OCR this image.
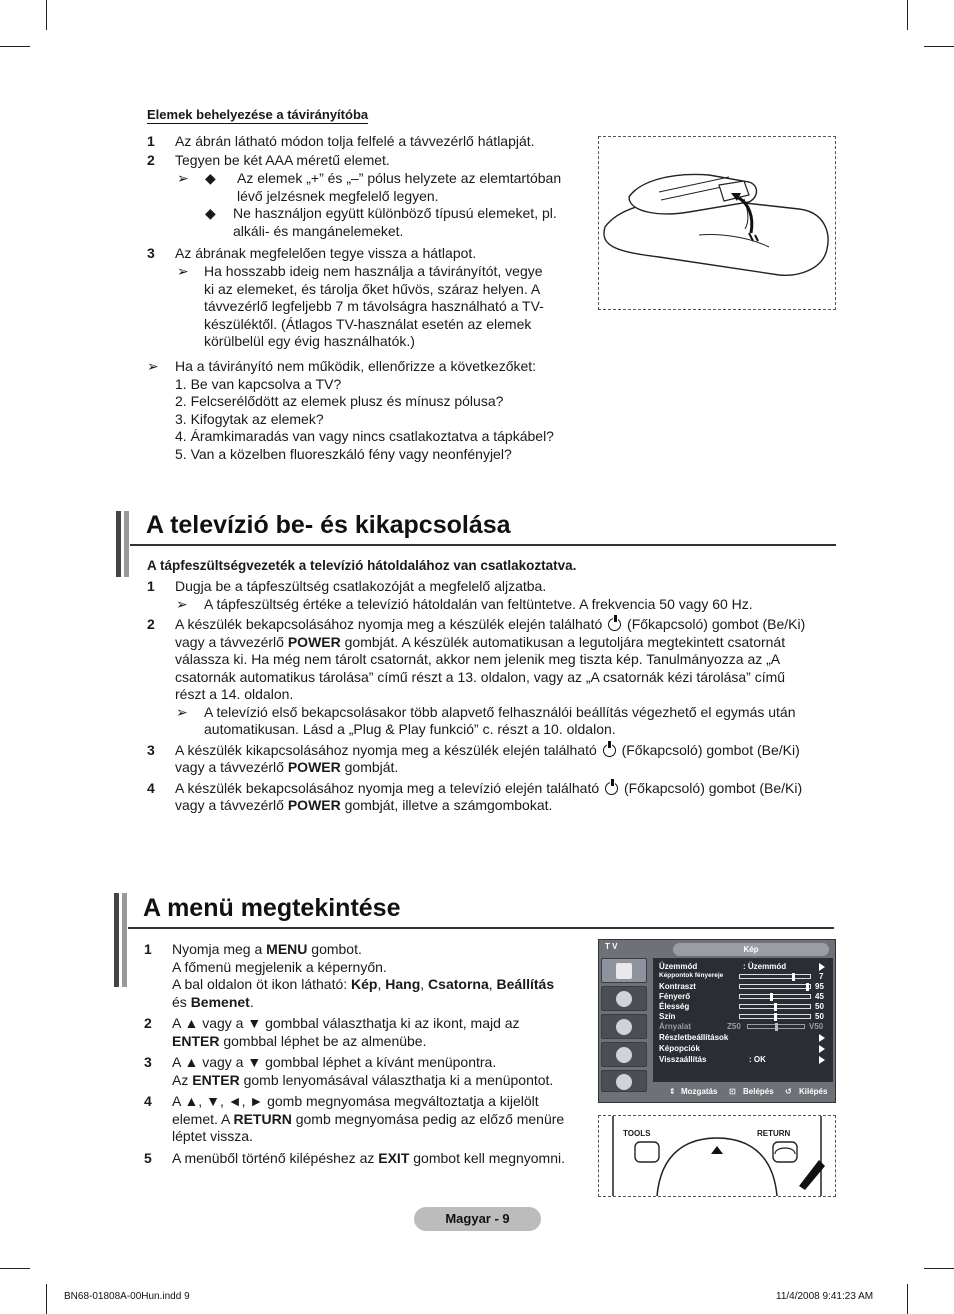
Elemek behelyezése a távirányítóba
1 Az ábrán látható módon tolja felfelé a távvezérlő hátlapját.
2 Tegyen be két AAA méretű elemet.
➢ ◆ Az elemek „+” és „–” pólus helyzete az elemtartóban
lévő jelzésnek megfelelő legyen.
◆ Ne használjon együtt különböző típusú elemeket, pl.
alkáli- és mangánelemeket.
3 Az ábrának megfelelően tegye vissza a hátlapot.
➢ Ha hosszabb ideig nem használja a távirányítót, vegye
ki az elemeket, és tárolja őket hűvös, száraz helyen. A
távvezérlő legfeljebb 7 m távolságra használható a TV-
készüléktől. (Átlagos TV-használat esetén az elemek
körülbelül egy évig használhatók.)
➢ Ha a távirányító nem működik, ellenőrizze a következőket:
1. Be van kapcsolva a TV?
2. Felcserélődött az elemek plusz és mínusz pólusa?
3. Kifogytak az elemek?
4. Áramkimaradás van vagy nincs csatlakoztatva a tápkábel?
5. Van a közelben fluoreszkáló fény vagy neonfényjel?
A televízió be- és kikapcsolása
A tápfeszültségvezeték a televízió hátoldalához van csatlakoztatva.
1 Dugja be a tápfeszültség csatlakozóját a megfelelő aljzatba.
➢ A tápfeszültség értéke a televízió hátoldalán van feltüntetve. A frekvencia 50 vagy 60 Hz.
2 A készülék bekapcsolásához nyomja meg a készülék elején található (Főkapcsoló) gombot (Be/Ki)
vagy a távvezérlő POWER gombját. A készülék automatikusan a legutoljára megtekintett csatornát
válassza ki. Ha még nem tárolt csatornát, akkor nem jelenik meg tiszta kép. Tanulmányozza az „A
csatornák automatikus tárolása” című részt a 13. oldalon, vagy az „A csatornák kézi tárolása” című
részt a 14. oldalon.
➢ A televízió első bekapcsolásakor több alapvető felhasználói beállítás végezhető el egymás után
automatikusan. Lásd a „Plug & Play funkció” c. részt a 10. oldalon.
3 A készülék kikapcsolásához nyomja meg a készülék elején található (Főkapcsoló) gombot (Be/Ki)
vagy a távvezérlő POWER gombját.
4 A készülék bekapcsolásához nyomja meg a televízió elején található (Főkapcsoló) gombot (Be/Ki)
vagy a távvezérlő POWER gombját, illetve a számgombokat.
A menü megtekintése
1 Nyomja meg a MENU gombot.
A főmenü megjelenik a képernyőn.
A bal oldalon öt ikon látható: Kép, Hang, Csatorna, Beállítás
és Bemenet.
2 A ▲ vagy a ▼ gombbal választhatja ki az ikont, majd az
ENTER gombbal léphet be az almenübe.
3 A ▲ vagy a ▼ gombbal léphet a kívánt menüpontra.
Az ENTER gomb lenyomásával választhatja ki a menüpontot.
4 A ▲, ▼, ◄, ► gomb megnyomása megváltoztatja a kijelölt
elemet. A RETURN gomb megnyomása pedig az előző menüre
léptet vissza.
5 A menüből történő kilépéshez az EXIT gombot kell megnyomni.
T V	Kép
Üzemmód	: Üzemmód
Képpontok fényereje	7
Kontraszt	95
Fényerő	45
Élesség	50
Szín	50
Árnyalat	Z50	V50
Részletbeállítások
Képopciók
Visszaállítás	: OK
⇕ Mozgatás ⊡ Belépés ↺ Kilépés
TOOLS	RETURN
Magyar - 9
BN68-01808A-00Hun.indd 9	11/4/2008 9:41:23 AM
